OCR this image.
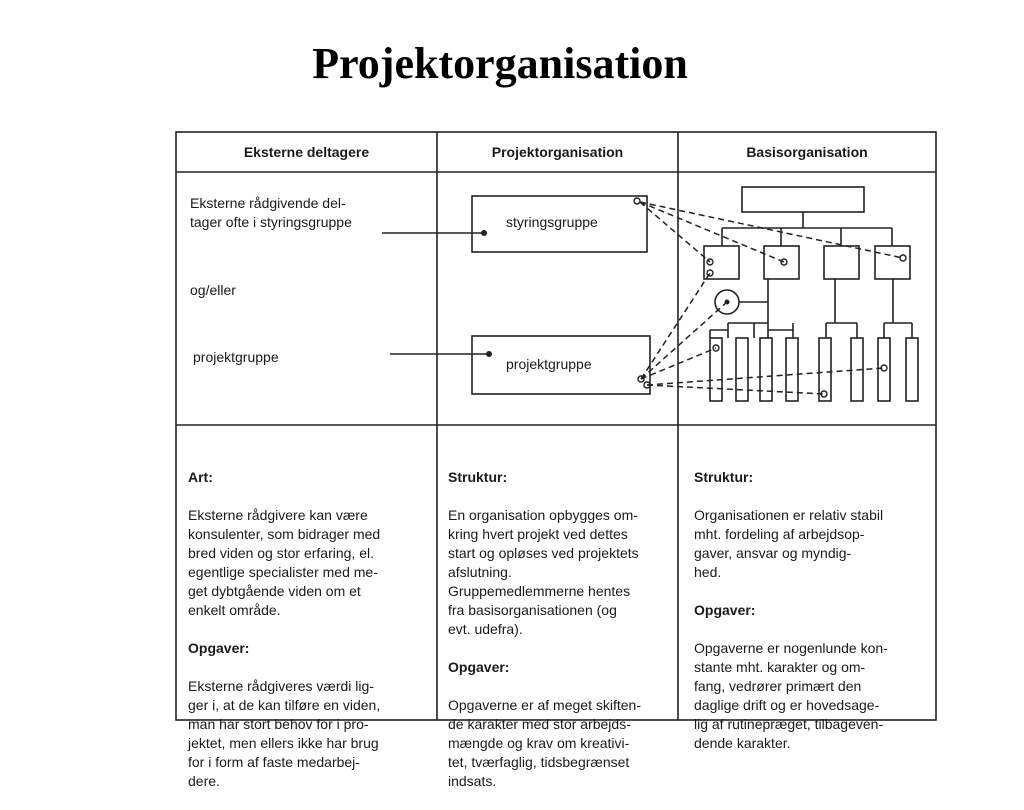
Projektorganisation
Eksterne deltagere	Projektorganisation	Basisorganisation
Eksterne rådgivende del-
tager ofte i styringsgruppe
og/eller
projektgruppe
styringsgruppe
projektgruppe

Art:

Eksterne rådgivere kan være
konsulenter, som bidrager med
bred viden og stor erfaring, el.
egentlige specialister med me-
get dybtgående viden om et
enkelt område.

Opgaver:

Eksterne rådgiveres værdi lig-
ger i, at de kan tilføre en viden,
man har stort behov for i pro-
jektet, men ellers ikke har brug
for i form af faste medarbej-
dere.

Struktur:

En organisation opbygges om-
kring hvert projekt ved dettes
start og opløses ved projektets
afslutning.
Gruppemedlemmerne hentes
fra basisorganisationen (og
evt. udefra).

Opgaver:

Opgaverne er af meget skiften-
de karakter med stor arbejds-
mængde og krav om kreativi-
tet, tværfaglig, tidsbegrænset
indsats.

Struktur:

Organisationen er relativ stabil
mht. fordeling af arbejdsop-
gaver, ansvar og myndig-
hed.

Opgaver:

Opgaverne er nogenlunde kon-
stante mht. karakter og om-
fang, vedrører primært den
daglige drift og er hovedsage-
lig af rutinepræget, tilbageven-
dende karakter.
